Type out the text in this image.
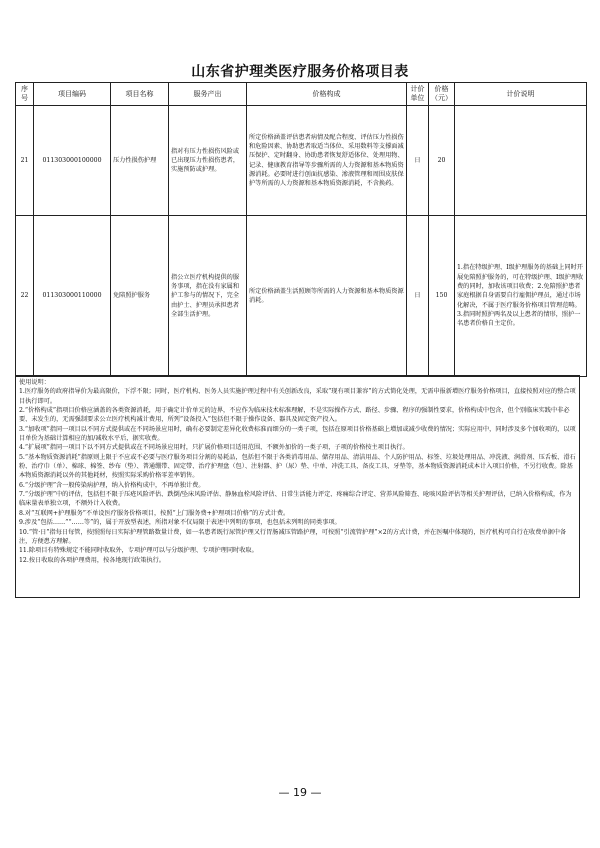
山东省护理类医疗服务价格项目表
序号	项目编码	项目名称	服务产出	价格构成	计价单位	价格（元）	计价说明
21	011303000100000	压力性损伤护理	指对有压力性损伤风险或已出现压力性损伤患者，实施预防或护理。	所定价格涵盖评估患者病情及配合程度、评估压力性损伤和危险因素、协助患者取适当体位、采用数料等支撑面减压保护、定时翻身、协助患者恢复舒适体位、处理用物、记录、健康教育指导等步骤所需的人力资源和基本物质资源消耗。必要时进行创面抗感染、渗液管理和周围皮肤保护等所需的人力资源和基本物质资源消耗，不含换药。	日	20	
22	011303000110000	免陪照护服务	指公立医疗机构提供的服务事项，指在没有家属和护工参与的情况下，完全由护士、护理员承担患者全部生活护理。	所定价格涵盖生活照顾等所需的人力资源和基本物质资源消耗。	日	150	1.指在特级护理、I级护理服务的基础上同时开展免陪照护服务的，可在特级护理、I级护理收费的同时，加收该项目收费；2.免陪照护患者家庭根据自身需要自行雇佣护理员，通过市场化解决，不属于医疗服务价格项目管理范畴。3.指同时照护两名及以上患者的情形，照护一名患者价格自主定价。
使用说明：
1.医疗服务的政府指导价为最高限价，下浮不限；同时，医疗机构、医务人员实施护理过程中有关创新改良，采取“现有项目兼容”的方式简化处理，无需申报新增医疗服务价格项目，直接按照对应的整合项目执行即可。
2.“价格构成”指项目价格应涵盖的各类资源消耗，用于确定计价单元的边界，不应作为临床技术标准理解，不是实际操作方式、路径、步骤、程序的强制性要求，价格构成中包含，但个别临床实践中非必要、未发生的，无需强制要求公立医疗机构减计费用，所列“设备投入”包括但不限于操作设备、器具及固定资产投入。
3.“加收项”指同一项目以不同方式提供或在不同场景应用时，确有必要制定差异化收费标准而细分的一类子项，包括在原项目价格基础上增加或减少收费的情况；实际应用中，同时涉及多个加收项的，以项目单价为基础计算相应的加/减收水平后，据实收费。
4.“扩展项”指同一项目下以不同方式提供或在不同场景应用时，只扩展价格项目适用范围、不额外加价的一类子项，子项的价格按主项目执行。
5.“基本物质资源消耗”指原则上限于不应或不必要与医疗服务项目分割的易耗品，包括但不限于各类消毒用品、储存用品、清洁用品、个人防护用品、标签、垃圾处理用品、冲洗液、润滑剂、压舌板、滑石粉、治疗巾（单）、棉球、棉签、纱布（垫）、普通绷带、固定带、治疗护理盘（包）、注射器、护（尿）垫、中单、冲洗工具、备皮工具、牙垫等，基本物质资源消耗成本计入项目价格，不另行收费。除基本物质资源消耗以外的其他耗材，按照实际采购价格零差率销售。
6.“分级护理”含一般传染病护理，纳入价格构成中，不再单独计费。
7.“分级护理”中的评估，包括但不限于压疮风险评估、跌倒/坠床风险评估、静脉血栓风险评估、日常生活能力评定、疼痛综合评定、营养风险筛查、呛咳风险评估等相关护理评估，已纳入价格构成，作为临床量表单独立项，不额外计入收费。
8.对“互联网+护理服务”不单设医疗服务价格项目，按照“上门服务费+护理项目价格”的方式计费。
9.涉及“包括……”“……等”的，属于开放型表述，所指对象不仅局限于表述中列明的事项，也包括未列明的同类事项。
10.“管·日”指每日每管，按照照每日实际护理管路数量计费，如一名患者既行尿管护理又行胃肠减压管路护理，可按照“引流管护理”×2的方式计费，并在医嘱中体现的，医疗机构可自行在收费单据中备注，方便患方理解。
11.除项目有特殊规定不能同时收取外，专项护理可以与分级护理、专项护理同时收取。
12.按日收取的各项护理费用，按各地现行政策执行。
— 19 —
